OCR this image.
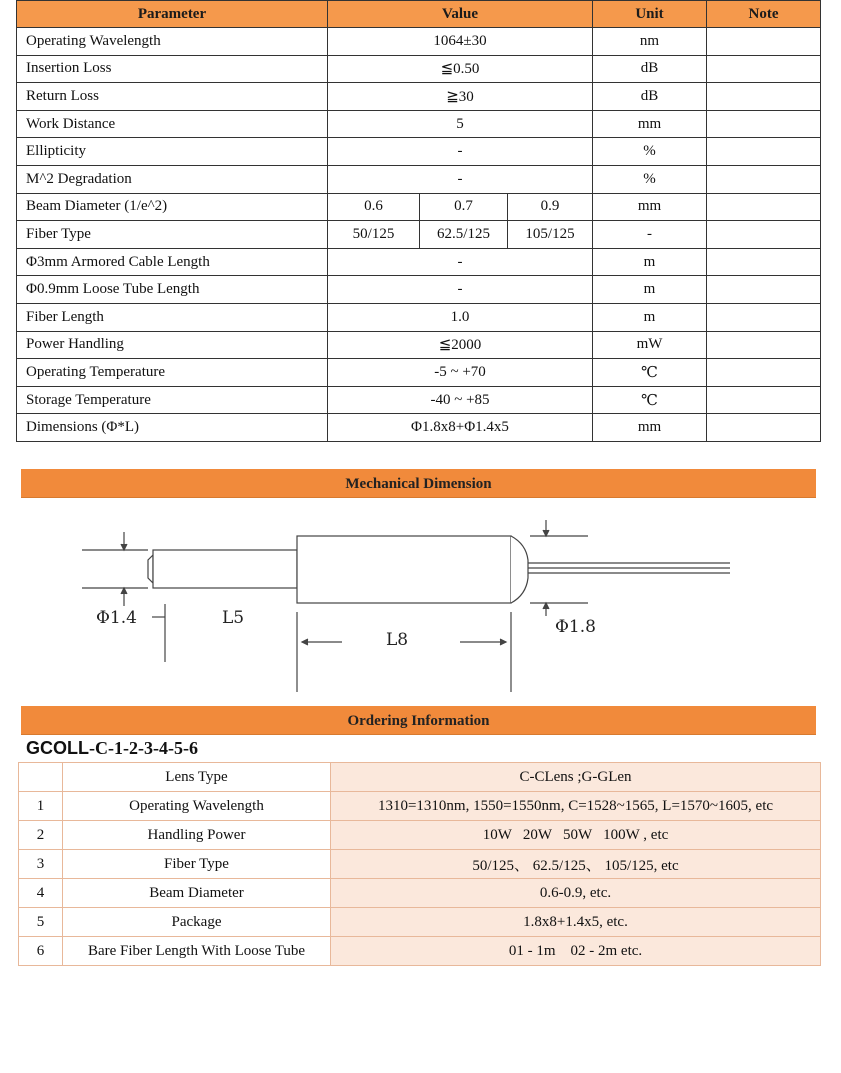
Parameter	Value			Unit	Note
Operating Wavelength	1064±30			nm	
Insertion Loss	≦0.50			dB	
Return Loss	≧30			dB	
Work Distance	5			mm	
Ellipticity	-			%	
M^2 Degradation	-			%	
Beam Diameter (1/e^2)	0.6	0.7	0.9	mm	
Fiber Type	50/125	62.5/125	105/125	-	
Φ3mm Armored Cable Length	-			m	
Φ0.9mm Loose Tube Length	-			m	
Fiber Length	1.0			m	
Power Handling	≦2000			mW	
Operating Temperature	-5 ~ +70			℃	
Storage Temperature	-40 ~ +85			℃	
Dimensions (Φ*L)	Φ1.8x8+Φ1.4x5			mm	
Mechanical Dimension
Φ1.4	L5
L8
Φ1.8
Ordering Information
GCOLL-C-1-2-3-4-5-6
	Lens Type	C-CLens ;G-GLen
1	Operating Wavelength	1310=1310nm, 1550=1550nm, C=1528~1565, L=1570~1605, etc
2	Handling Power	10W   20W   50W   100W , etc
3	Fiber Type	50/125、 62.5/125、 105/125, etc
4	Beam Diameter	0.6-0.9, etc.
5	Package	1.8x8+1.4x5, etc.
6	Bare Fiber Length With Loose Tube	01 - 1m    02 - 2m etc.
